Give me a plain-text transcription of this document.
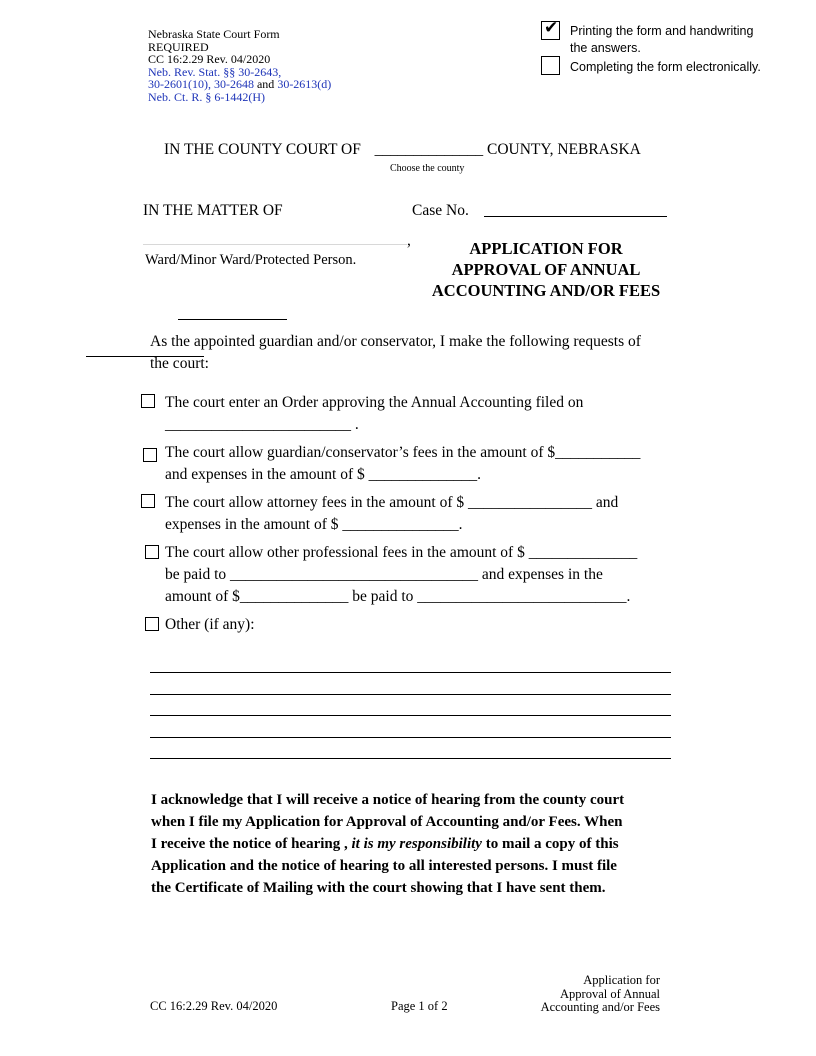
Nebraska State Court Form
REQUIRED
CC 16:2.29 Rev. 04/2020
Neb. Rev. Stat. §§ 30-2643,
30-2601(10), 30-2648 and 30-2613(d)
Neb. Ct. R. § 6-1442(H)
✔ Printing the form and handwriting
the answers.
Completing the form electronically.
IN THE COUNTY COURT OF ______________ COUNTY, NEBRASKA
Choose the county
IN THE MATTER OF	Case No.
,
Ward/Minor Ward/Protected Person.
APPLICATION FOR
APPROVAL OF ANNUAL
ACCOUNTING AND/OR FEES
As the appointed guardian and/or conservator, I make the following requests of
the court:
The court enter an Order approving the Annual Accounting filed on
________________________ .
The court allow guardian/conservator’s fees in the amount of $___________
and expenses in the amount of $ ______________.
The court allow attorney fees in the amount of $ ________________ and
expenses in the amount of $ _______________.
The court allow other professional fees in the amount of $ ______________
be paid to ________________________________ and expenses in the
amount of $______________ be paid to ___________________________.
Other (if any):
I acknowledge that I will receive a notice of hearing from the county court
when I file my Application for Approval of Accounting and/or Fees. When
I receive the notice of hearing , it is my responsibility to mail a copy of this
Application and the notice of hearing to all interested persons. I must file
the Certificate of Mailing with the court showing that I have sent them.
CC 16:2.29 Rev. 04/2020	Page 1 of 2
Application for
Approval of Annual
Accounting and/or Fees
